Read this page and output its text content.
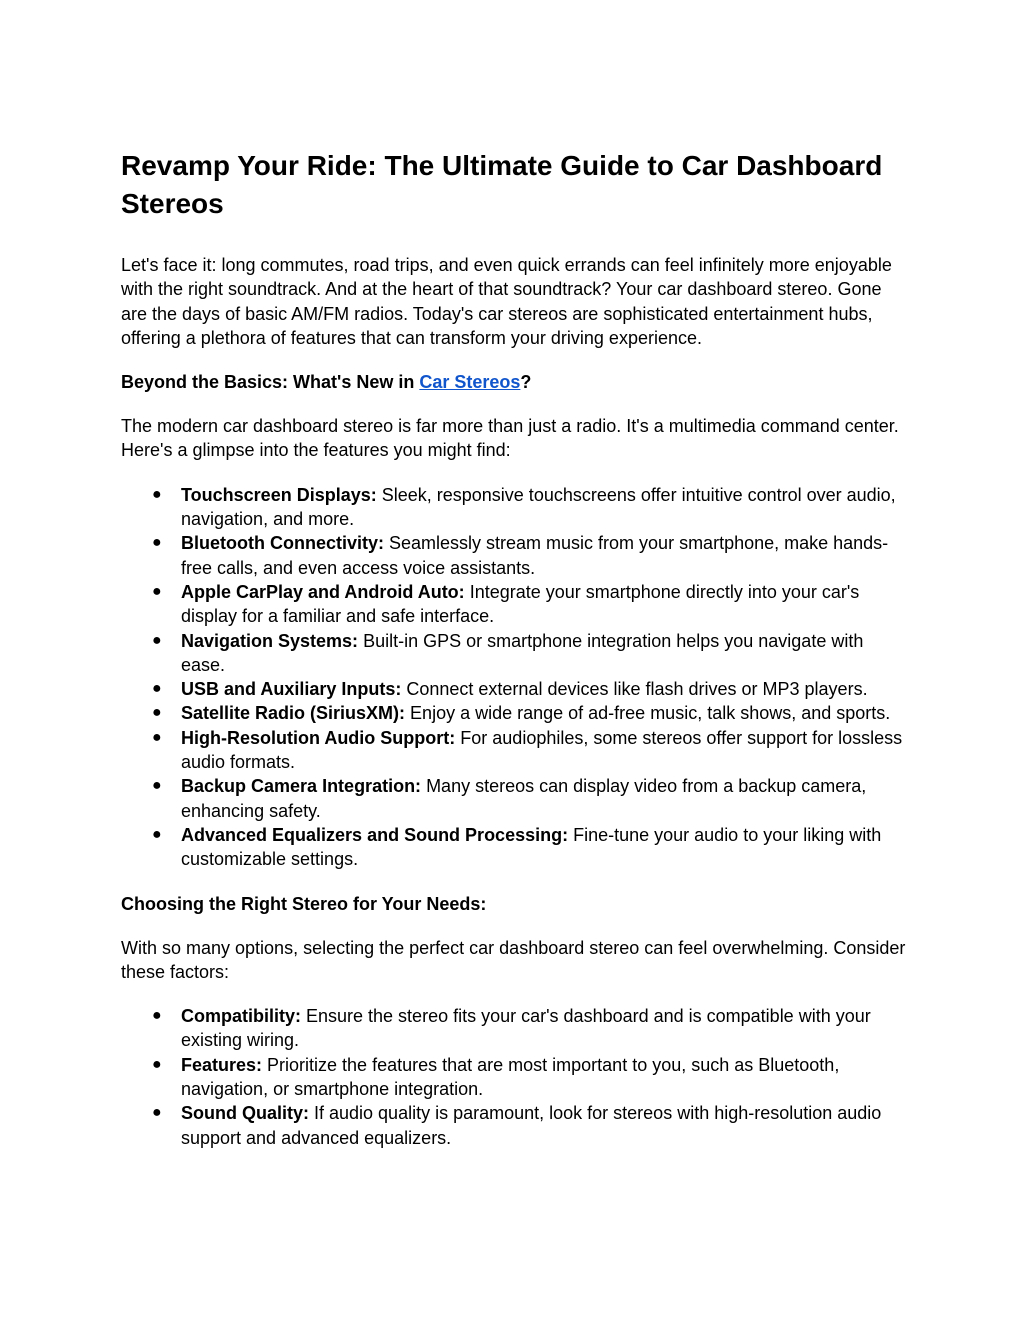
Revamp Your Ride: The Ultimate Guide to Car Dashboard Stereos

Let's face it: long commutes, road trips, and even quick errands can feel infinitely more enjoyable with the right soundtrack. And at the heart of that soundtrack? Your car dashboard stereo. Gone are the days of basic AM/FM radios. Today's car stereos are sophisticated entertainment hubs, offering a plethora of features that can transform your driving experience.

Beyond the Basics: What's New in Car Stereos?

The modern car dashboard stereo is far more than just a radio. It's a multimedia command center. Here's a glimpse into the features you might find:

● Touchscreen Displays: Sleek, responsive touchscreens offer intuitive control over audio, navigation, and more.
● Bluetooth Connectivity: Seamlessly stream music from your smartphone, make hands-free calls, and even access voice assistants.
● Apple CarPlay and Android Auto: Integrate your smartphone directly into your car's display for a familiar and safe interface.
● Navigation Systems: Built-in GPS or smartphone integration helps you navigate with ease.
● USB and Auxiliary Inputs: Connect external devices like flash drives or MP3 players.
● Satellite Radio (SiriusXM): Enjoy a wide range of ad-free music, talk shows, and sports.
● High-Resolution Audio Support: For audiophiles, some stereos offer support for lossless audio formats.
● Backup Camera Integration: Many stereos can display video from a backup camera, enhancing safety.
● Advanced Equalizers and Sound Processing: Fine-tune your audio to your liking with customizable settings.
Choosing the Right Stereo for Your Needs:

With so many options, selecting the perfect car dashboard stereo can feel overwhelming. Consider these factors:

● Compatibility: Ensure the stereo fits your car's dashboard and is compatible with your existing wiring.
● Features: Prioritize the features that are most important to you, such as Bluetooth, navigation, or smartphone integration.
● Sound Quality: If audio quality is paramount, look for stereos with high-resolution audio support and advanced equalizers.
